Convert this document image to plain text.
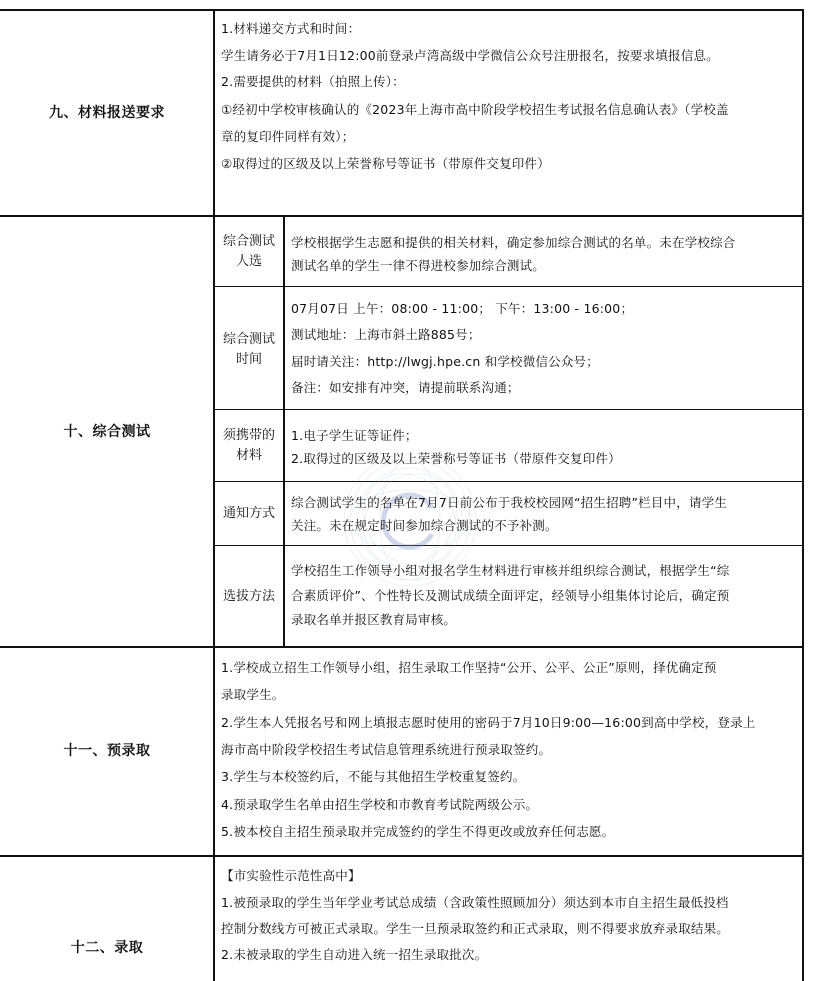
九、材料报送要求
1.材料递交方式和时间：
学生请务必于7月1日12:00前登录卢湾高级中学微信公众号注册报名，按要求填报信息。
2.需要提供的材料（拍照上传）：
①经初中学校审核确认的《2023年上海市高中阶段学校招生考试报名信息确认表》（学校盖
章的复印件同样有效）；
②取得过的区级及以上荣誉称号等证书（带原件交复印件）
十、综合测试
综合测试
人选
学校根据学生志愿和提供的相关材料，确定参加综合测试的名单。未在学校综合
测试名单的学生一律不得进校参加综合测试。
综合测试
时间
07月07日 上午：08:00 - 11:00； 下午：13:00 - 16:00；
测试地址：上海市斜土路885号；
届时请关注：http://lwgj.hpe.cn 和学校微信公众号；
备注：如安排有冲突，请提前联系沟通；
须携带的
材料
1.电子学生证等证件；
2.取得过的区级及以上荣誉称号等证书（带原件交复印件）
通知方式
综合测试学生的名单在7月7日前公布于我校校园网“招生招聘”栏目中，请学生
关注。未在规定时间参加综合测试的不予补测。
选拔方法
学校招生工作领导小组对报名学生材料进行审核并组织综合测试，根据学生“综
合素质评价”、个性特长及测试成绩全面评定，经领导小组集体讨论后，确定预
录取名单并报区教育局审核。
十一、预录取
1.学校成立招生工作领导小组，招生录取工作坚持“公开、公平、公正”原则，择优确定预
录取学生。
2.学生本人凭报名号和网上填报志愿时使用的密码于7月10日9:00—16:00到高中学校，登录上
海市高中阶段学校招生考试信息管理系统进行预录取签约。
3.学生与本校签约后，不能与其他招生学校重复签约。
4.预录取学生名单由招生学校和市教育考试院两级公示。
5.被本校自主招生预录取并完成签约的学生不得更改或放弃任何志愿。
十二、录取
【市实验性示范性高中】
1.被预录取的学生当年学业考试总成绩（含政策性照顾加分）须达到本市自主招生最低投档
控制分数线方可被正式录取。学生一旦预录取签约和正式录取，则不得要求放弃录取结果。
2.未被录取的学生自动进入统一招生录取批次。
